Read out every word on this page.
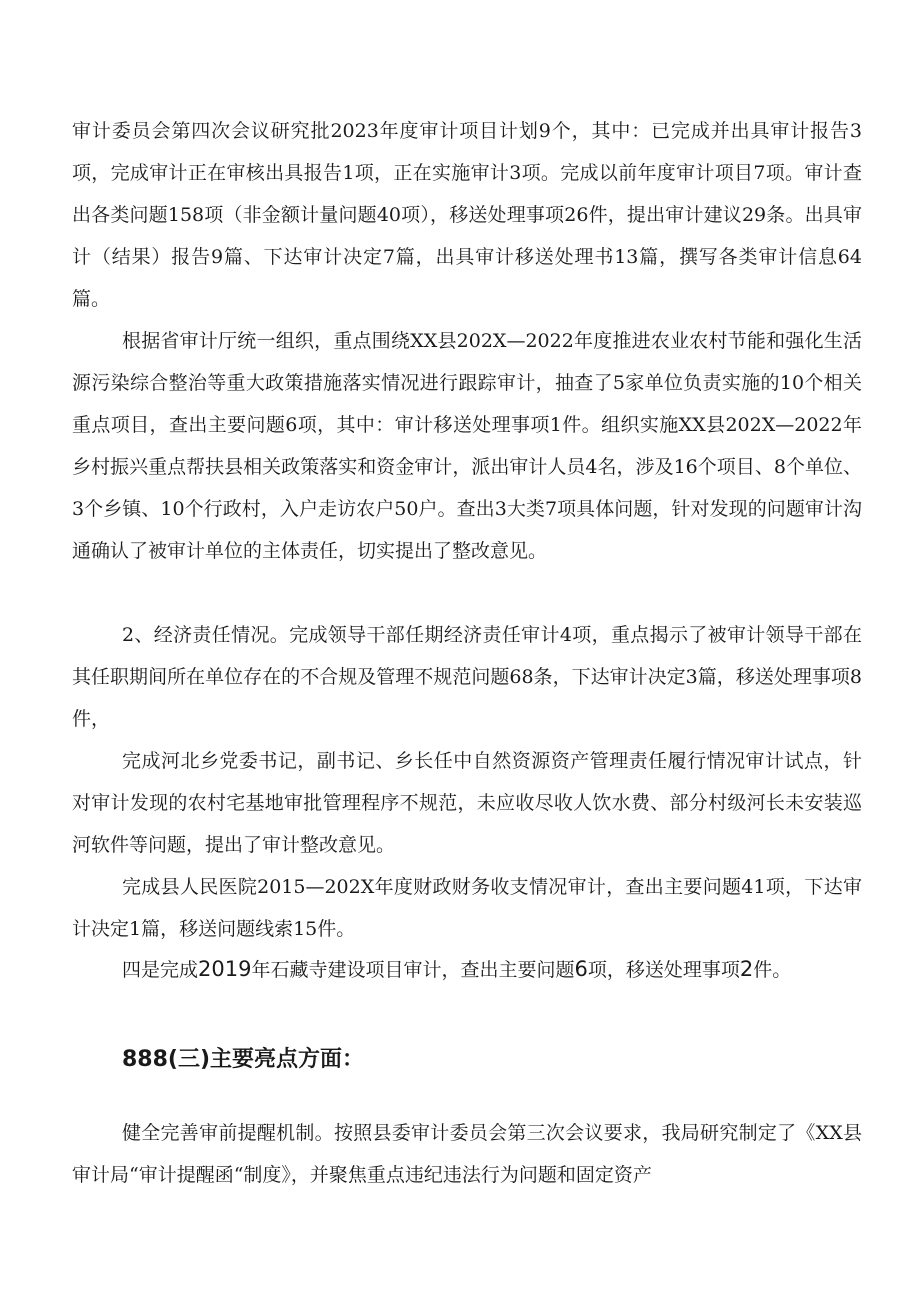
审计委员会第四次会议研究批2023年度审计项目计划9个，其中：已完成并出具审计报告3项，完成审计正在审核出具报告1项，正在实施审计3项。完成以前年度审计项目7项。审计查出各类问题158项（非金额计量问题40项），移送处理事项26件，提出审计建议29条。出具审计（结果）报告9篇、下达审计决定7篇，出具审计移送处理书13篇，撰写各类审计信息64篇。

根据省审计厅统一组织，重点围绕XX县202X—2022年度推进农业农村节能和强化生活源污染综合整治等重大政策措施落实情况进行跟踪审计，抽查了5家单位负责实施的10个相关重点项目，查出主要问题6项，其中：审计移送处理事项1件。组织实施XX县202X—2022年乡村振兴重点帮扶县相关政策落实和资金审计，派出审计人员4名，涉及16个项目、8个单位、3个乡镇、10个行政村，入户走访农户50户。查出3大类7项具体问题，针对发现的问题审计沟通确认了被审计单位的主体责任，切实提出了整改意见。

2、经济责任情况。完成领导干部任期经济责任审计4项，重点揭示了被审计领导干部在其任职期间所在单位存在的不合规及管理不规范问题68条，下达审计决定3篇，移送处理事项8件，

完成河北乡党委书记，副书记、乡长任中自然资源资产管理责任履行情况审计试点，针对审计发现的农村宅基地审批管理程序不规范，未应收尽收人饮水费、部分村级河长未安装巡河软件等问题，提出了审计整改意见。

完成县人民医院2015—202X年度财政财务收支情况审计，查出主要问题41项，下达审计决定1篇，移送问题线索15件。

四是完成2019年石藏寺建设项目审计，查出主要问题6项，移送处理事项2件。

888(三)主要亮点方面：

健全完善审前提醒机制。按照县委审计委员会第三次会议要求，我局研究制定了《XX县审计局“审计提醒函“制度》，并聚焦重点违纪违法行为问题和固定资产
